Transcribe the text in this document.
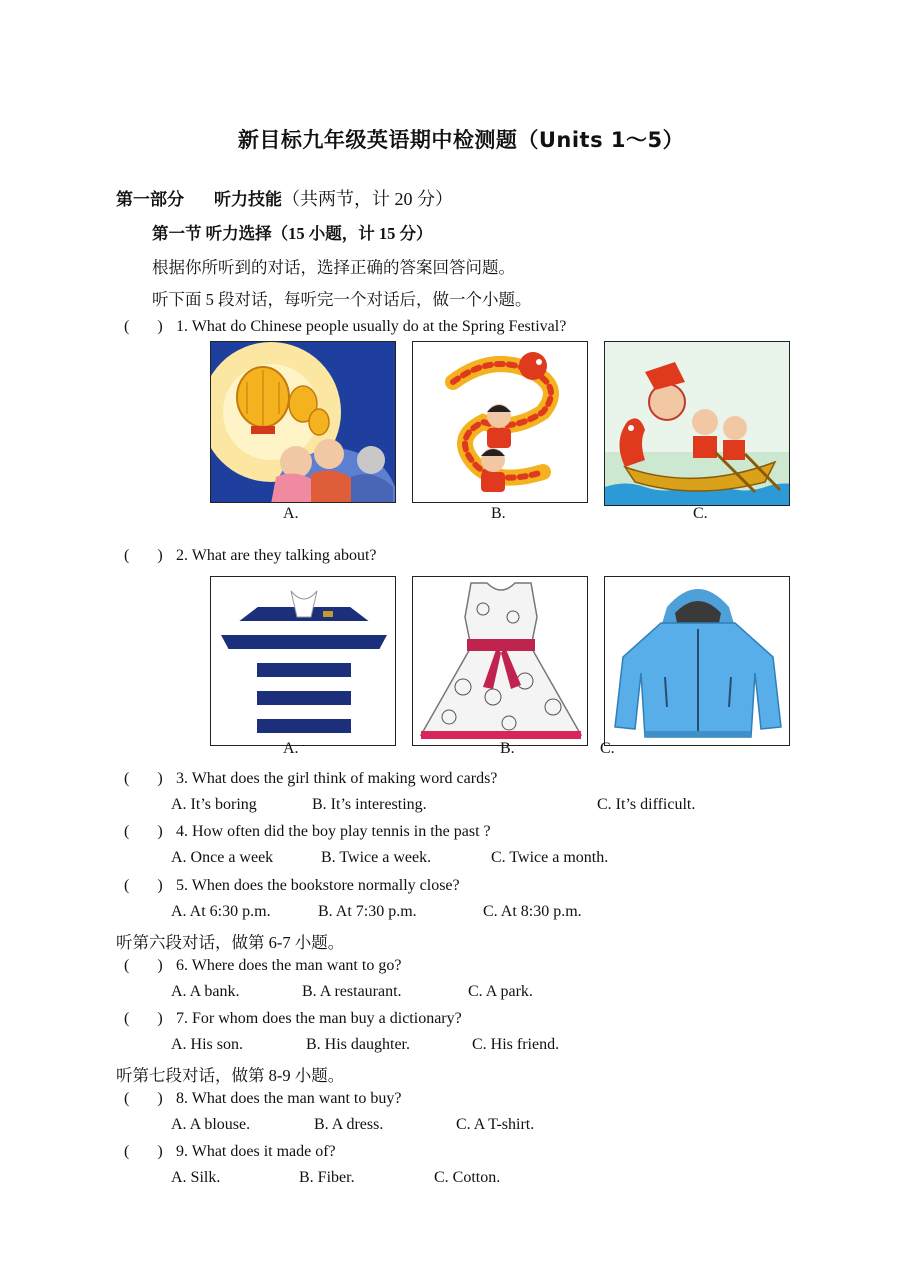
新目标九年级英语期中检测题（Units 1～5）
第一部分 听力技能（共两节，计 20 分）
第一节 听力选择（15 小题，计 15 分）
根据你所听到的对话，选择正确的答案回答问题。
听下面 5 段对话，每听完一个对话后，做一个小题。
( ) 1. What do Chinese people usually do at the Spring Festival?
A.	B.	C.
( ) 2. What are they talking about?
A.	B.	C.
( ) 3. What does the girl think of making word cards?
A. It’s boring	B. It’s interesting.	C. It’s difficult.
( ) 4. How often did the boy play tennis in the past ?
A. Once a week	B. Twice a week.	C. Twice a month.
( ) 5. When does the bookstore normally close?
A. At 6:30 p.m.	B. At 7:30 p.m.	C. At 8:30 p.m.
听第六段对话，做第 6-7 小题。
( ) 6. Where does the man want to go?
A. A bank.	B. A restaurant.	C. A park.
( ) 7. For whom does the man buy a dictionary?
A. His son.	B. His daughter.	C. His friend.
听第七段对话，做第 8-9 小题。
( ) 8. What does the man want to buy?
A. A blouse.	B. A dress.	C. A T-shirt.
( ) 9. What does it made of?
A. Silk.	B. Fiber.	C. Cotton.
